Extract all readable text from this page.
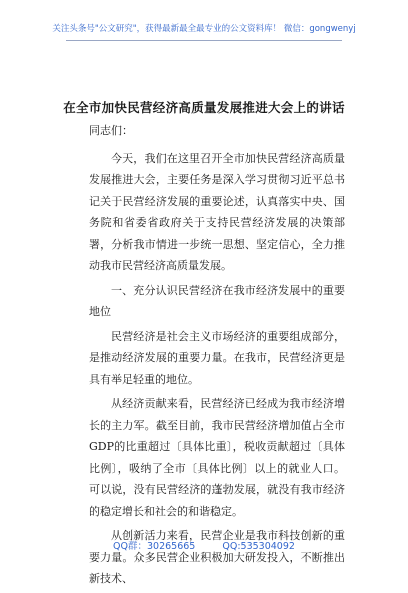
关注头条号"公文研究"，获得最新最全最专业的公文资料库！ 微信：gongwenyj
在全市加快民营经济高质量发展推进大会上的讲话

同志们：

今天，我们在这里召开全市加快民营经济高质量发展推进大会，主要任务是深入学习贯彻习近平总书记关于民营经济发展的重要论述，认真落实中央、国务院和省委省政府关于支持民营经济发展的决策部署，分析我市情进一步统一思想、坚定信心，全力推动我市民营经济高质量发展。

一、充分认识民营经济在我市经济发展中的重要地位

民营经济是社会主义市场经济的重要组成部分，是推动经济发展的重要力量。在我市，民营经济更是具有举足轻重的地位。

从经济贡献来看，民营经济已经成为我市经济增长的主力军。截至目前，我市民营经济增加值占全市GDP的比重超过〔具体比重〕，税收贡献超过〔具体比例〕，吸纳了全市〔具体比例〕以上的就业人口。可以说，没有民营经济的蓬勃发展，就没有我市经济的稳定增长和社会的和谐稳定。

从创新活力来看，民营企业是我市科技创新的重要力量。众多民营企业积极加大研发投入，不断推出新技术、

QQ群：30265665	QQ:535304092
